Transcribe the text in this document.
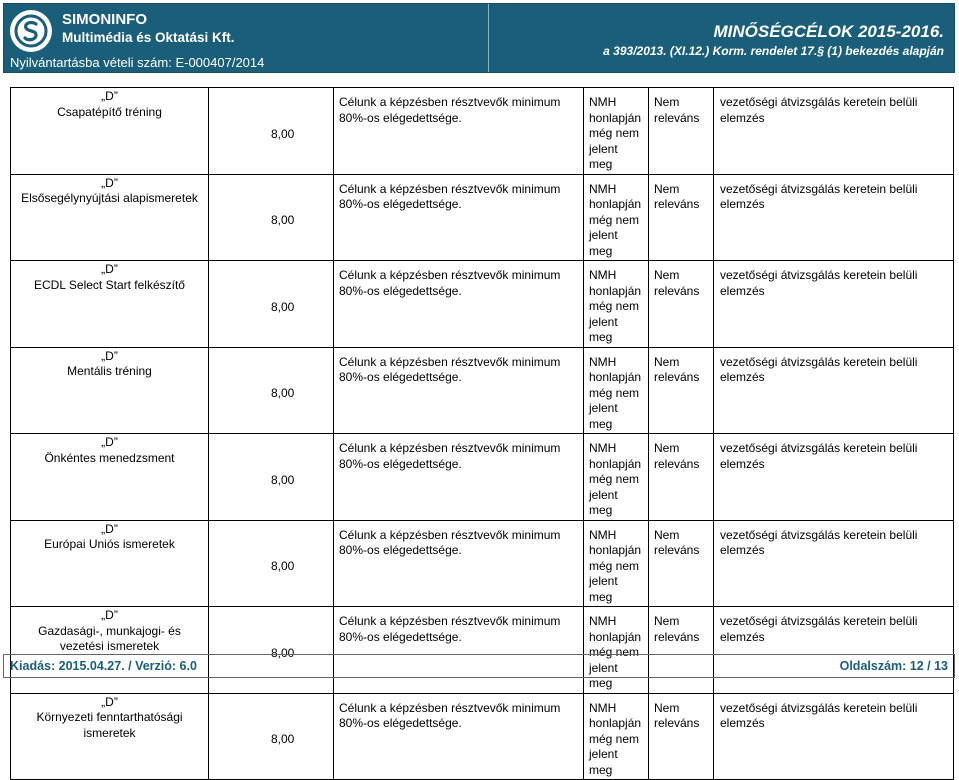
SIMONINFO
Multimédia és Oktatási Kft.
Nyilvántartásba vételi szám: E-000407/2014
MINŐSÉGCÉLOK 2015-2016.
a 393/2013. (XI.12.) Korm. rendelet 17.§ (1) bekezdés alapján
„D”
Csapatépítő tréning	8,00	Célunk a képzésben résztvevők minimum 80%-os elégedettsége.	NMH honlapján még nem jelent meg	Nem releváns	vezetőségi átvizsgálás keretein belüli elemzés

„D”
Elsősegélynyújtási alapismeretek	8,00	Célunk a képzésben résztvevők minimum 80%-os elégedettsége.	NMH honlapján még nem jelent meg	Nem releváns	vezetőségi átvizsgálás keretein belüli elemzés

„D”
ECDL Select Start felkészítő	8,00	Célunk a képzésben résztvevők minimum 80%-os elégedettsége.	NMH honlapján még nem jelent meg	Nem releváns	vezetőségi átvizsgálás keretein belüli elemzés

„D”
Mentális tréning	8,00	Célunk a képzésben résztvevők minimum 80%-os elégedettsége.	NMH honlapján még nem jelent meg	Nem releváns	vezetőségi átvizsgálás keretein belüli elemzés

„D”
Önkéntes menedzsment	8,00	Célunk a képzésben résztvevők minimum 80%-os elégedettsége.	NMH honlapján még nem jelent meg	Nem releváns	vezetőségi átvizsgálás keretein belüli elemzés

„D”
Európai Uniós ismeretek	8,00	Célunk a képzésben résztvevők minimum 80%-os elégedettsége.	NMH honlapján még nem jelent meg	Nem releváns	vezetőségi átvizsgálás keretein belüli elemzés

„D”
Gazdasági-, munkajogi- és vezetési ismeretek	8,00	Célunk a képzésben résztvevők minimum 80%-os elégedettsége.	NMH honlapján még nem jelent meg	Nem releváns	vezetőségi átvizsgálás keretein belüli elemzés

„D”
Környezeti fenntarthatósági ismeretek	8,00	Célunk a képzésben résztvevők minimum 80%-os elégedettsége.	NMH honlapján még nem jelent meg	Nem releváns	vezetőségi átvizsgálás keretein belüli elemzés
Kiadás: 2015.04.27. / Verzió: 6.0	Oldalszám: 12 / 13
